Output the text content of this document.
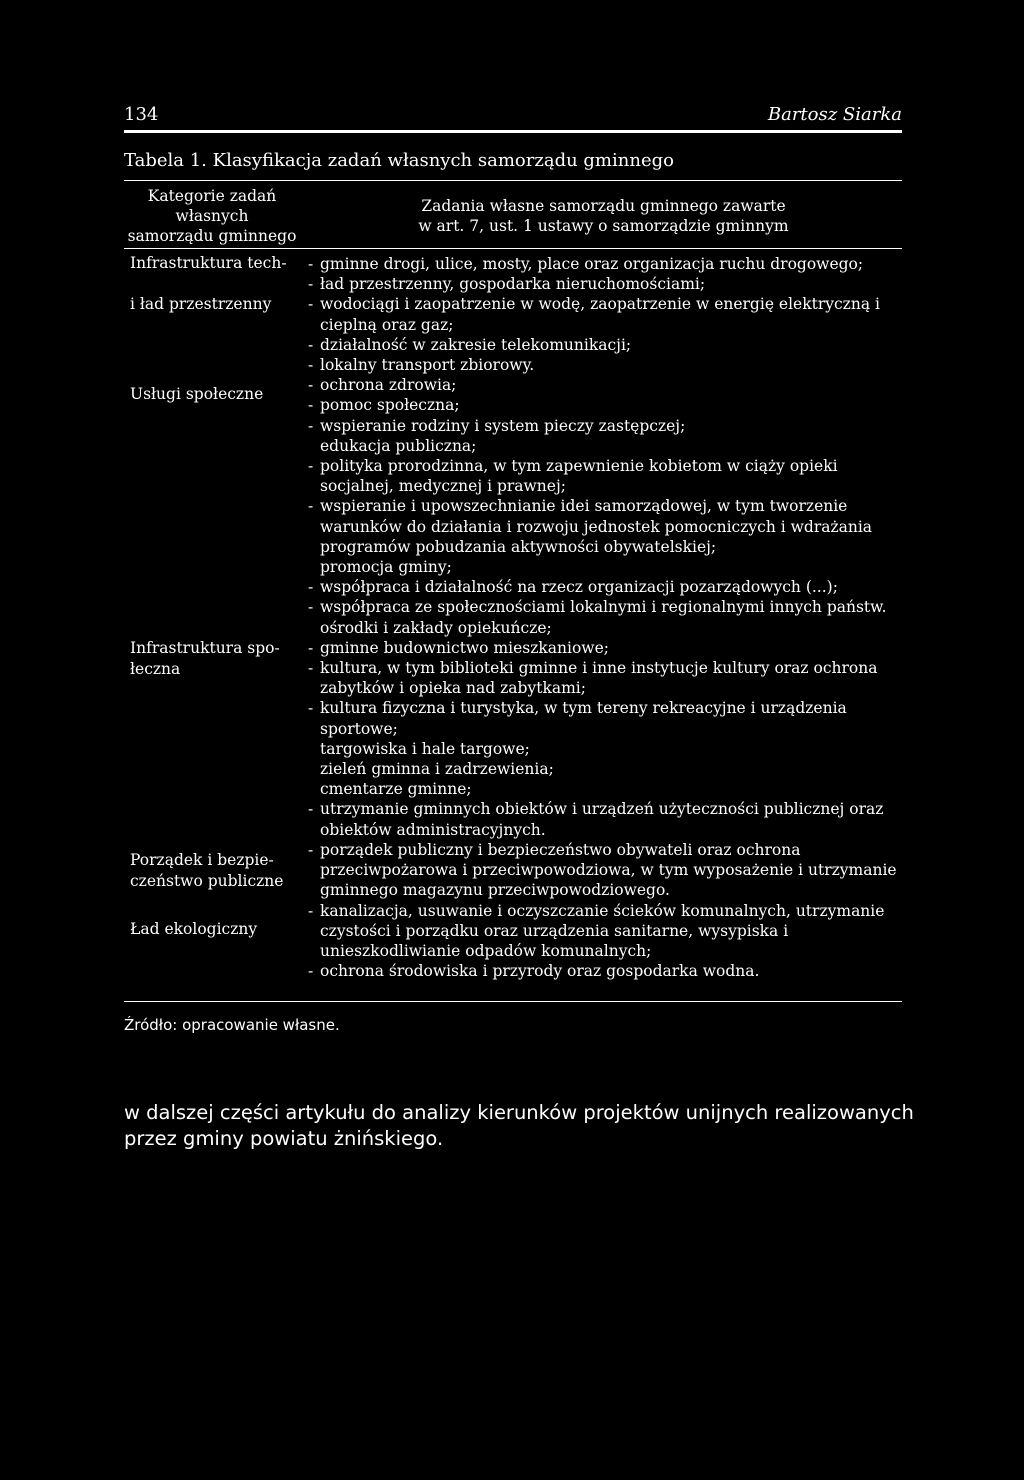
134	Bartosz Siarka
Tabela 1. Klasyfikacja zadań własnych samorządu gminnego
Kategorie zadań
własnych
samorządu gminnego
Zadania własne samorządu gminnego zawarte
w art. 7, ust. 1 ustawy o samorządzie gminnym
Infrastruktura tech-
i ład przestrzenny
Usługi społeczne
Infrastruktura spo-
łeczna
Porządek i bezpie-
czeństwo publiczne
Ład ekologiczny

- gminne drogi, ulice, mosty, place oraz organizacja ruchu drogowego;

- ład przestrzenny, gospodarka nieruchomościami;

- wodociągi i zaopatrzenie w wodę, zaopatrzenie w energię elektryczną i cieplną oraz gaz;

- działalność w zakresie telekomunikacji;

- lokalny transport zbiorowy.

- ochrona zdrowia;

- pomoc społeczna;

- wspieranie rodziny i system pieczy zastępczej;

edukacja publiczna;

- polityka prorodzinna, w tym zapewnienie kobietom w ciąży opieki socjalnej, medycznej i prawnej;

- wspieranie i upowszechnianie idei samorządowej, w tym tworzenie warunków do działania i rozwoju jednostek pomocniczych i wdrażania programów pobudzania aktywności obywatelskiej;

promocja gminy;

- współpraca i działalność na rzecz organizacji pozarządowych (...);

- współpraca ze społecznościami lokalnymi i regionalnymi innych państw.

ośrodki i zakłady opiekuńcze;

- gminne budownictwo mieszkaniowe;

- kultura, w tym biblioteki gminne i inne instytucje kultury oraz ochrona zabytków i opieka nad zabytkami;

- kultura fizyczna i turystyka, w tym tereny rekreacyjne i urządzenia sportowe;

targowiska i hale targowe;

zieleń gminna i zadrzewienia;

cmentarze gminne;

- utrzymanie gminnych obiektów i urządzeń użyteczności publicznej oraz obiektów administracyjnych.

- porządek publiczny i bezpieczeństwo obywateli oraz ochrona przeciwpożarowa i przeciwpowodziowa, w tym wyposażenie i utrzymanie gminnego magazynu przeciwpowodziowego.

- kanalizacja, usuwanie i oczyszczanie ścieków komunalnych, utrzymanie czystości i porządku oraz urządzenia sanitarne, wysypiska i unieszkodliwianie odpadów komunalnych;

- ochrona środowiska i przyrody oraz gospodarka wodna.

Źródło: opracowanie własne.
w dalszej części artykułu do analizy kierunków projektów unijnych realizowanych przez gminy powiatu żnińskiego.
